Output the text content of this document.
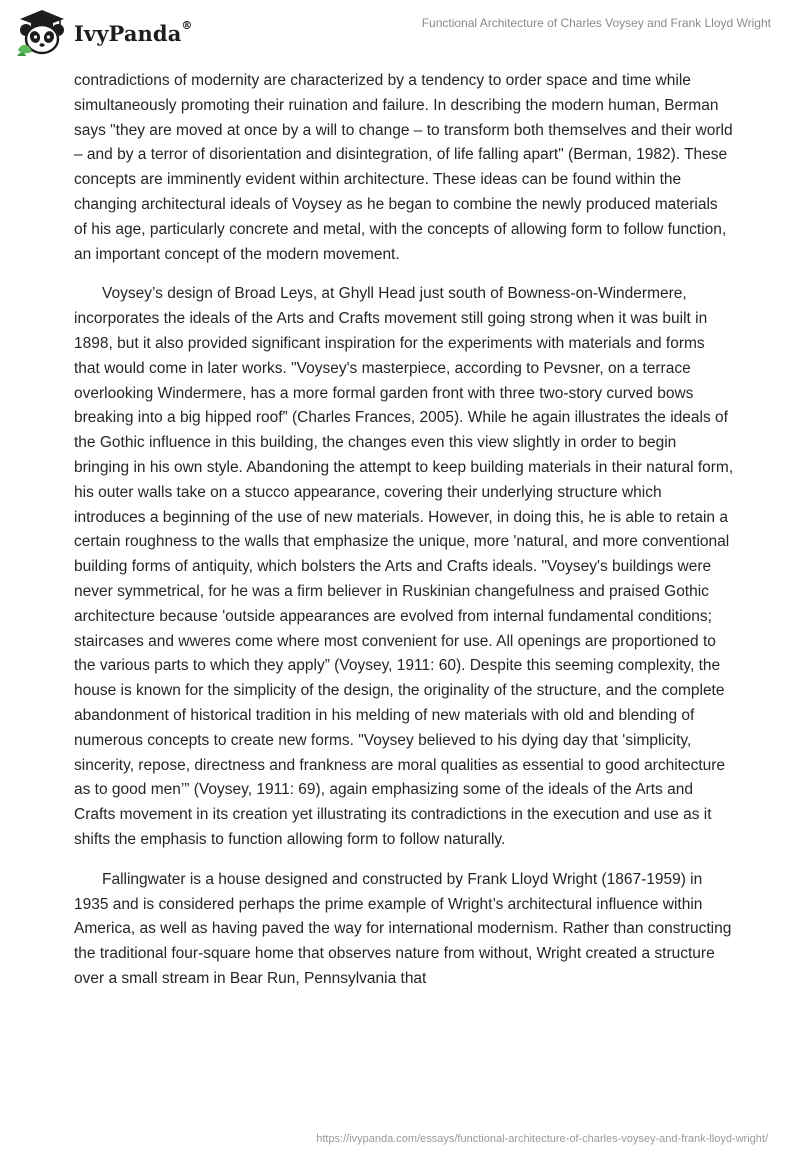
IvyPanda®	Functional Architecture of Charles Voysey and Frank Lloyd Wright

contradictions of modernity are characterized by a tendency to order space and time while simultaneously promoting their ruination and failure. In describing the modern human, Berman says "they are moved at once by a will to change – to transform both themselves and their world – and by a terror of disorientation and disintegration, of life falling apart" (Berman, 1982). These concepts are imminently evident within architecture. These ideas can be found within the changing architectural ideals of Voysey as he began to combine the newly produced materials of his age, particularly concrete and metal, with the concepts of allowing form to follow function, an important concept of the modern movement.

Voysey’s design of Broad Leys, at Ghyll Head just south of Bowness-on-Windermere, incorporates the ideals of the Arts and Crafts movement still going strong when it was built in 1898, but it also provided significant inspiration for the experiments with materials and forms that would come in later works. "Voysey's masterpiece, according to Pevsner, on a terrace overlooking Windermere, has a more formal garden front with three two-story curved bows breaking into a big hipped roof” (Charles Frances, 2005). While he again illustrates the ideals of the Gothic influence in this building, the changes even this view slightly in order to begin bringing in his own style. Abandoning the attempt to keep building materials in their natural form, his outer walls take on a stucco appearance, covering their underlying structure which introduces a beginning of the use of new materials. However, in doing this, he is able to retain a certain roughness to the walls that emphasize the unique, more 'natural, and more conventional building forms of antiquity, which bolsters the Arts and Crafts ideals. "Voysey's buildings were never symmetrical, for he was a firm believer in Ruskinian changefulness and praised Gothic architecture because 'outside appearances are evolved from internal fundamental conditions; staircases and wweres come where most convenient for use. All openings are proportioned to the various parts to which they apply” (Voysey, 1911: 60). Despite this seeming complexity, the house is known for the simplicity of the design, the originality of the structure, and the complete abandonment of historical tradition in his melding of new materials with old and blending of numerous concepts to create new forms. "Voysey believed to his dying day that 'simplicity, sincerity, repose, directness and frankness are moral qualities as essential to good architecture as to good men’” (Voysey, 1911: 69), again emphasizing some of the ideals of the Arts and Crafts movement in its creation yet illustrating its contradictions in the execution and use as it shifts the emphasis to function allowing form to follow naturally.

Fallingwater is a house designed and constructed by Frank Lloyd Wright (1867-1959) in 1935 and is considered perhaps the prime example of Wright’s architectural influence within America, as well as having paved the way for international modernism. Rather than constructing the traditional four-square home that observes nature from without, Wright created a structure over a small stream in Bear Run, Pennsylvania that

https://ivypanda.com/essays/functional-architecture-of-charles-voysey-and-frank-lloyd-wright/
